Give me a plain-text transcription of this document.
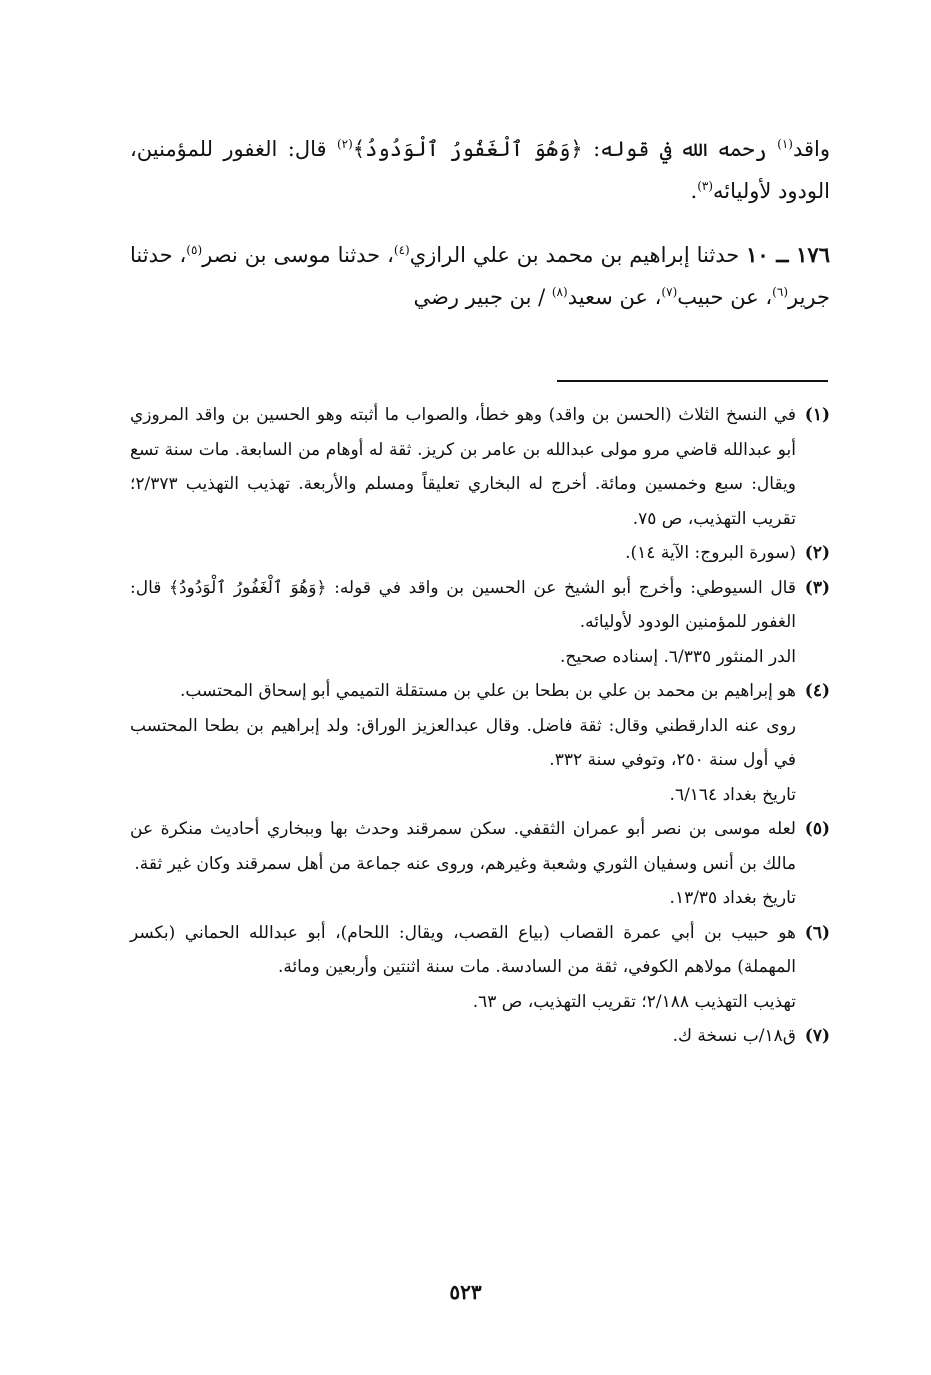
واقد$^{(١)}$ رحمه الله في قوله: ﴿وَهُوَ ٱلْغَفُورُ ٱلْوَدُودُ﴾$^{(٢)}$ قال: الغفور للمؤمنين، الودود لأوليائه$^{(٣)}$.

١٧٦ ــ ١٠ حدثنا إبراهيم بن محمد بن علي الرازي$^{(٤)}$، حدثنا موسى بن نصر$^{(٥)}$، حدثنا جرير$^{(٦)}$، عن حبيب$^{(٧)}$، عن سعيد$^{(٨)}$ / بن جبير رضي

(١)

في النسخ الثلاث (الحسن بن واقد) وهو خطأ، والصواب ما أثبته وهو الحسين بن واقد المروزي أبو عبدالله قاضي مرو مولى عبدالله بن عامر بن كريز. ثقة له أوهام من السابعة. مات سنة تسع ويقال: سبع وخمسين ومائة. أخرج له البخاري تعليقاً ومسلم والأربعة. تهذيب التهذيب ٢/٣٧٣؛ تقريب التهذيب، ص ٧٥.

(٢)

(سورة البروج: الآية ١٤).

(٣)

قال السيوطي: وأخرج أبو الشيخ عن الحسين بن واقد في قوله: ﴿وَهُوَ ٱلْغَفُورُ ٱلْوَدُودُ﴾ قال: الغفور للمؤمنين الودود لأوليائه.

الدر المنثور ٦/٣٣٥. إسناده صحيح.

(٤)

هو إبراهيم بن محمد بن علي بن بطحا بن علي بن مستقلة التميمي أبو إسحاق المحتسب.

روى عنه الدارقطني وقال: ثقة فاضل. وقال عبدالعزيز الوراق: ولد إبراهيم بن بطحا المحتسب في أول سنة ٢٥٠، وتوفي سنة ٣٣٢.

تاريخ بغداد ٦/١٦٤.

(٥)

لعله موسى بن نصر أبو عمران الثقفي. سكن سمرقند وحدث بها وببخاري أحاديث منكرة عن مالك بن أنس وسفيان الثوري وشعبة وغيرهم، وروى عنه جماعة من أهل سمرقند وكان غير ثقة.

تاريخ بغداد ١٣/٣٥.

(٦)

هو حبيب بن أبي عمرة القصاب (بياع القصب، ويقال: اللحام)، أبو عبدالله الحماني (بكسر المهملة) مولاهم الكوفي، ثقة من السادسة. مات سنة اثنتين وأربعين ومائة.

تهذيب التهذيب ٢/١٨٨؛ تقريب التهذيب، ص ٦٣.

(٧)

ق١٨/ب نسخة ك.

٥٢٣
